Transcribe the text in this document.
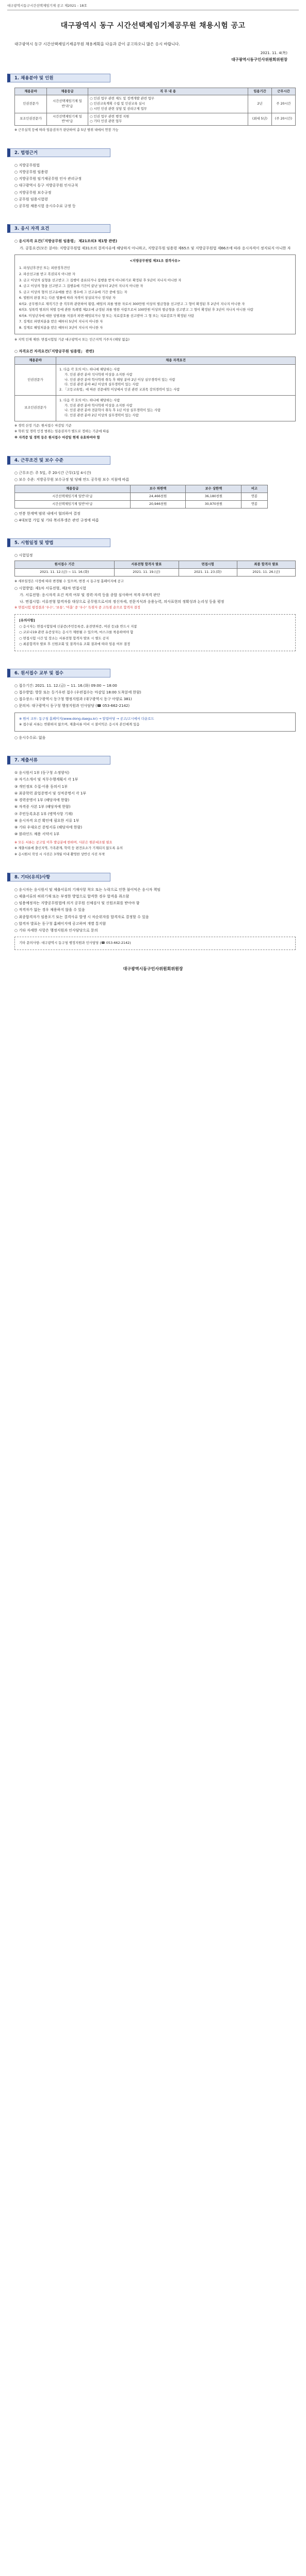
대구광역시동구시간선택제임기제 공고 제2021 - 18호
대구광역시 동구 시간선택제임기제공무원 채용시험 공고

대구광역시 동구 시간선택제임기제공무원 채용계획을 다음과 같이 공고하오니 많은 응시 바랍니다.

2021. 11. 4(목)

대구광역시동구인사위원회위원장

1. 채용분야 및 인원
채용분야	채용등급	직 무 내 용	임용기간	근무시간
인권전문가	시간선택제임기제 일반'라'급	○ 인권 업무 관련 제도 및 정책개발 관련 업무
○ 인권교육계획 수립 및 인권교육 실시
○ 시민 인권 관련 상담 및 권리구제 업무	2년	주 20시간
보조인권전문가	시간선택제임기제 일반'마'급	○ 인권 업무 관련 행정 지원
○ 기타 인권 관련 업무	(최대 5년)	(주 20시간)

※ 근무실적 등에 따라 임용권자가 판단하여 총 5년 범위 내에서 연장 가능

2. 법령근거

○ 지방공무원법

○ 지방공무원 임용령

○ 지방공무원 임기제공무원 인사 관리규정

○ 대구광역시 동구 지방공무원 인사규칙

○ 지방공무원 보수규정

○ 공무원 임용시험령

○ 공무원 채용시험 응시수수료 규정 등

3. 응시 자격 요건

○ 응시자격 요건(「지방공무원 임용령」 제21조의3 제1항 관련)

가. 공통요건(모든 분야): 지방공무원법 제31조의 결격사유에 해당하지 아니하고, 지방공무원 임용령 제65조 및 지방공무원법 제66조에 따라 응시자격이 정지되지 아니한 자

<지방공무원법 제31조 결격사유>
1. 피성년후견인 또는 피한정후견인
2. 파산선고를 받고 복권되지 아니한 자
3. 금고 이상의 실형을 선고받고 그 집행이 종료되거나 집행을 받지 아니하기로 확정된 후 5년이 지나지 아니한 자
4. 금고 이상의 형을 선고받고 그 집행유예 기간이 끝난 날부터 2년이 지나지 아니한 자
5. 금고 이상의 형의 선고유예를 받은 경우에 그 선고유예 기간 중에 있는 자
6. 법원의 판결 또는 다른 법률에 따라 자격이 상실되거나 정지된 자
6의2. 공무원으로 재직기간 중 직무와 관련하여 횡령, 배임의 죄를 범한 자로서 300만원 이상의 벌금형을 선고받고 그 형이 확정된 후 2년이 지나지 아니한 자
6의3. 성폭력 범죄의 처벌 등에 관한 특례법 제2조에 규정된 죄를 범한 사람으로서 100만원 이상의 벌금형을 선고받고 그 형이 확정된 후 3년이 지나지 아니한 사람
6의4. 미성년자에 대한 성범죄를 저질러 파면·해임되거나 형 또는 치료감호를 선고받아 그 형 또는 치료감호가 확정된 사람
7. 징계로 파면처분을 받은 때부터 5년이 지나지 아니한 자
8. 징계로 해임처분을 받은 때부터 3년이 지나지 아니한 자

※ 지역 인재 제한: 면접시험일 기준 대구광역시 또는 인근지역 거주자 (해당 없음)

○ 자격요건 자격요건(「지방공무원 임용령」 관련)

채용분야	채용 자격요건
인권전문가	1. 다음 각 호의 어느 하나에 해당하는 사람
가. 인권 관련 분야 석사학위 이상을 소지한 사람
나. 인권 관련 분야 학사학위 취득 후 해당 분야 2년 이상 실무경력이 있는 사람
다. 인권 관련 분야 4년 이상의 실무경력이 있는 사람
2. 「고등교육법」에 따른 전문대학 이상에서 인권 관련 교과목 강의경력이 있는 사람

보조인권전문가	1. 다음 각 호의 어느 하나에 해당하는 사람
가. 인권 관련 분야 학사학위 이상을 소지한 사람
나. 인권 관련 분야 전문학사 취득 후 1년 이상 실무경력이 있는 사람
다. 인권 관련 분야 2년 이상의 실무경력이 있는 사람

※ 경력 산정 기준: 원서접수 마감일 기준

※ 학위 및 경력 인정 범위는 임용권자가 별도로 정하는 기준에 따름

※ 자격증 및 경력 등은 원서접수 마감일 현재 유효하여야 함

4. 근무조건 및 보수 수준

○ 근무조건: 주 5일, 주 20시간 근무(1일 4시간)

○ 보수 수준: 지방공무원 보수규정 및 당해 연도 공무원 보수 지침에 따름

채용등급	보수 하한액	보수 상한액	비고
시간선택제임기제 일반'라'급	24,466천원	36,180천원	연봉
시간선택제임기제 일반'마'급	20,946천원	30,970천원	연봉

○ 연봉 한계액 범위 내에서 협의하여 결정

○ 4대보험 가입 및 기타 복리후생은 관련 규정에 따름

5. 시험일정 및 방법

○ 시험일정

원서접수 기간	서류전형 합격자 발표	면접시험	최종 합격자 발표
2021. 11. 12.(금) ~ 11. 16.(화)	2021. 11. 19.(금)	2021. 11. 23.(화)	2021. 11. 26.(금)

※ 세부일정은 사정에 따라 변경될 수 있으며, 변경 시 동구청 홈페이지에 공고

○ 시험방법: 제1차 서류전형, 제2차 면접시험

가. 서류전형: 응시자격 요건 적격 여부 및 경력·자격 등을 종합 심사하여 적격·부적격 판단

나. 면접시험: 서류전형 합격자를 대상으로 공무원으로서의 정신자세, 전문지식과 응용능력, 의사표현의 정확성과 논리성 등을 평정

※ 면접시험 평정결과 '우수', '보통', '미흡' 중 '우수' 득점자 중 고득점 순으로 합격자 결정

[유의사항]
○ 응시자는 면접시험일에 신분증(주민등록증, 운전면허증, 여권 등)을 반드시 지참
○ 코로나19 관련 유증상자는 응시가 제한될 수 있으며, 마스크를 착용하여야 함
○ 면접시험 시간 및 장소는 서류전형 합격자 발표 시 별도 공지
○ 최종합격자 발표 후 신원조회 및 결격사유 조회 결과에 따라 임용 여부 결정
6. 원서접수 교부 및 접수

○ 접수기간: 2021. 11. 12.(금) ~ 11. 16.(화) 09:00 ~ 18:00

○ 접수방법: 방문 또는 등기우편 접수 (우편접수는 마감일 18:00 도착분에 한함)

○ 접수장소: 대구광역시 동구청 행정지원과 (대구광역시 동구 아양로 381)

○ 문의처: 대구광역시 동구청 행정지원과 인사담당 (☎ 053-662-2142)

※ 원서 교부: 동구청 홈페이지(www.dong.daegu.kr) → 알림마당 → 공고/고시에서 다운로드
※ 접수된 서류는 반환하지 않으며, 제출서류 미비 시 불이익은 응시자 본인에게 있음

○ 응시수수료: 없음

7. 제출서류

① 응시원서 1부 (동구청 소정양식)

② 자기소개서 및 직무수행계획서 각 1부

③ 개인정보 수집·이용 동의서 1부

④ 최종학력 졸업증명서 및 성적증명서 각 1부

⑤ 경력증명서 1부 (해당자에 한함)

⑥ 자격증 사본 1부 (해당자에 한함)

⑦ 주민등록초본 1부 (병역사항 기재)

⑧ 응시자격 요건 확인에 필요한 서류 1부

⑨ 기타 우대요건 증빙서류 (해당자에 한함)

⑩ 블라인드 채용 서약서 1부

※ 모든 서류는 공고일 이후 발급분에 한하며, 사본은 원본대조필 필요

※ 제출서류에 출신지역, 가족관계, 학력 등 편견요소가 기재되지 않도록 유의

※ 응시원서 작성 시 사진은 3개월 이내 촬영한 상반신 사진 부착

8. 기타(유의)사항

○ 응시자는 응시원서 및 제출서류의 기재사항 착오 또는 누락으로 인한 불이익은 응시자 책임

○ 제출서류의 허위기재 또는 부정한 방법으로 합격한 경우 합격을 취소함

○ 임용예정자는 지방공무원법에 의거 공무원 신체검사 및 신원조회를 받아야 함

○ 적격자가 없는 경우 채용하지 않을 수 있음

○ 최종합격자가 임용포기 또는 결격사유 발생 시 차순위자를 합격자로 결정할 수 있음

○ 합격자 발표는 동구청 홈페이지에 공고하며 개별 통지함

○ 기타 자세한 사항은 행정지원과 인사담당으로 문의

기타 문의사항: 대구광역시 동구청 행정지원과 인사담당 (☎ 053-662-2142)
대구광역시동구인사위원회위원장
